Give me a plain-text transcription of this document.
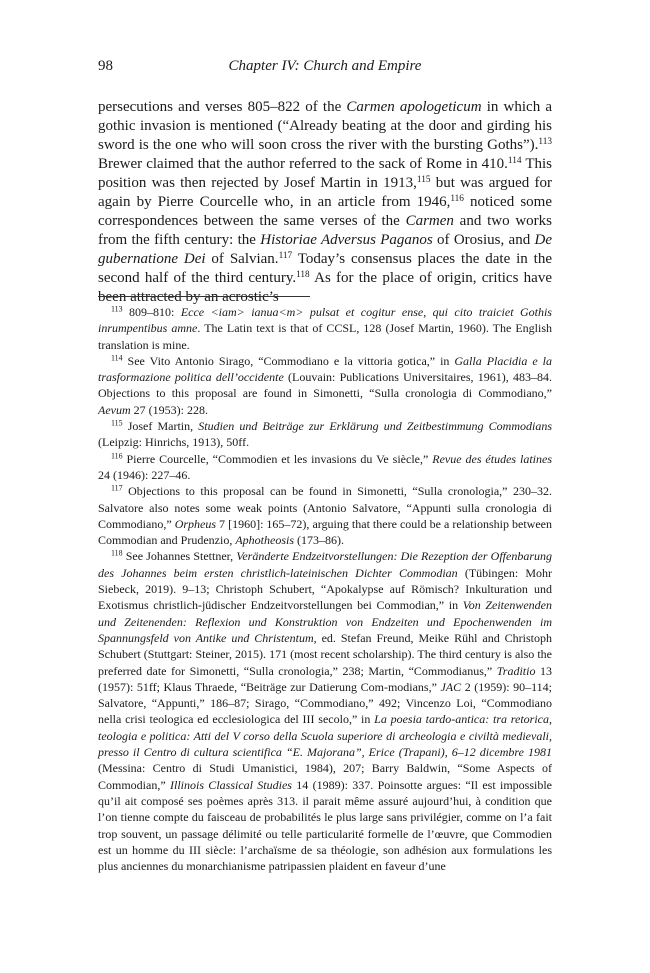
98	Chapter IV: Church and Empire

persecutions and verses 805–822 of the Carmen apologeticum in which a gothic invasion is mentioned (“Already beating at the door and girding his sword is the one who will soon cross the river with the bursting Goths”).$^{113}$ Brewer claimed that the author referred to the sack of Rome in 410.$^{114}$ This position was then rejected by Josef Martin in 1913,$^{115}$ but was argued for again by Pierre Courcelle who, in an article from 1946,$^{116}$ noticed some correspondences between the same verses of the Carmen and two works from the fifth century: the Historiae Adversus Paganos of Orosius, and De gubernatione Dei of Salvian.$^{117}$ Today’s consensus places the date in the second half of the third century.$^{118}$ As for the place of origin, critics have been attracted by an acrostic’s

$^{113}$ 809–810: Ecce <iam> ianua<m> pulsat et cogitur ense, qui cito traiciet Gothis inrumpentibus amne. The Latin text is that of CCSL, 128 (Josef Martin, 1960). The English translation is mine.

$^{114}$ See Vito Antonio Sirago, “Commodiano e la vittoria gotica,” in Galla Placidia e la trasformazione politica dell’occidente (Louvain: Publications Universitaires, 1961), 483–84. Objections to this proposal are found in Simonetti, “Sulla cronologia di Commodiano,” Aevum 27 (1953): 228.

$^{115}$ Josef Martin, Studien und Beiträge zur Erklärung und Zeitbestimmung Commodians (Leipzig: Hinrichs, 1913), 50ff.

$^{116}$ Pierre Courcelle, “Commodien et les invasions du Ve siècle,” Revue des études latines 24 (1946): 227–46.

$^{117}$ Objections to this proposal can be found in Simonetti, “Sulla cronologia,” 230–32. Salvatore also notes some weak points (Antonio Salvatore, “Appunti sulla cronologia di Commodiano,” Orpheus 7 [1960]: 165–72), arguing that there could be a relationship between Commodian and Prudenzio, Aphotheosis (173–86).

$^{118}$ See Johannes Stettner, Veränderte Endzeitvorstellungen: Die Rezeption der Offenbarung des Johannes beim ersten christlich-lateinischen Dichter Commodian (Tübingen: Mohr Siebeck, 2019). 9–13; Christoph Schubert, “Apokalypse auf Römisch? Inkulturation und Exotismus christlich-jüdischer Endzeitvorstellungen bei Commodian,” in Von Zeitenwenden und Zeitenenden: Reflexion und Konstruktion von Endzeiten und Epochenwenden im Spannungsfeld von Antike und Christentum, ed. Stefan Freund, Meike Rühl and Christoph Schubert (Stuttgart: Steiner, 2015). 171 (most recent scholarship). The third century is also the preferred date for Simonetti, “Sulla cronologia,” 238; Martin, “Commodianus,” Traditio 13 (1957): 51ff; Klaus Thraede, “Beiträge zur Datierung Com-modians,” JAC 2 (1959): 90–114; Salvatore, “Appunti,” 186–87; Sirago, “Commodiano,” 492; Vincenzo Loi, “Commodiano nella crisi teologica ed ecclesiologica del III secolo,” in La poesia tardo-antica: tra retorica, teologia e politica: Atti del V corso della Scuola superiore di archeologia e civiltà medievali, presso il Centro di cultura scientifica “E. Majorana”, Erice (Trapani), 6–12 dicembre 1981 (Messina: Centro di Studi Umanistici, 1984), 207; Barry Baldwin, “Some Aspects of Commodian,” Illinois Classical Studies 14 (1989): 337. Poinsotte argues: “Il est impossible qu’il ait composé ses poèmes après 313. il parait même assuré aujourd’hui, à condition que l’on tienne compte du faisceau de probabilités le plus large sans privilégier, comme on l’a fait trop souvent, un passage délimité ou telle particularité formelle de l’œuvre, que Commodien est un homme du III siècle: l’archaïsme de sa théologie, son adhésion aux formulations les plus anciennes du monarchianisme patripassien plaident en faveur d’une
